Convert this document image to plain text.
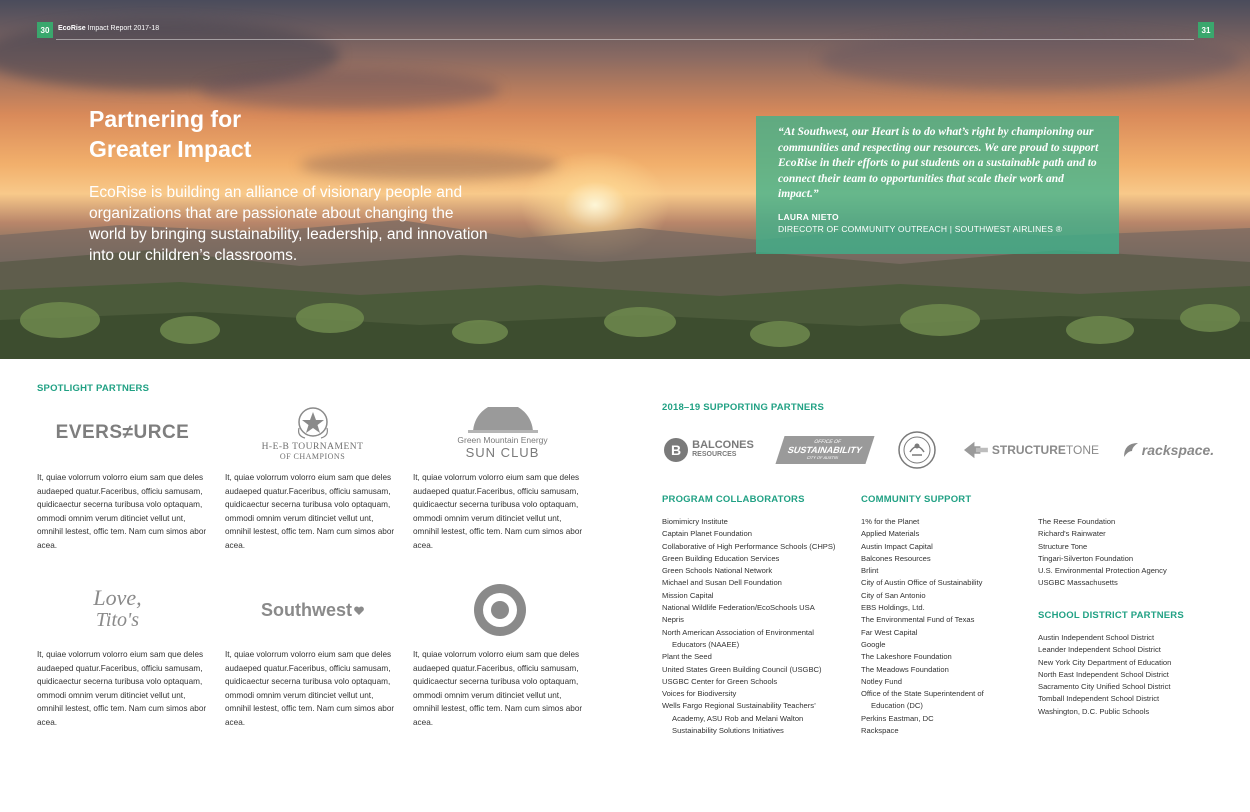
30	EcoRise Impact Report 2017-18	31
Partnering for
Greater Impact
EcoRise is building an alliance of visionary people and organizations that are passionate about changing the world by bringing sustainability, leadership, and innovation into our children’s classrooms.
“At Southwest, our Heart is to do what’s right by championing our communities and respecting our resources. We are proud to support EcoRise in their efforts to put students on a sustainable path and to connect their team to opportunities that scale their work and impact.”
LAURA NIETO
DIRECOTR OF COMMUNITY OUTREACH | SOUTHWEST AIRLINES ®
SPOTLIGHT PARTNERS
EVERS≠URCE
It, quiae volorrum volorro eium sam que deles audaeped quatur.Faceribus, officiu samusam, quidicaectur secerna turibusa volo optaquam, ommodi omnim verum ditinciet vellut unt, omnihil lestest, offic tem. Nam cum simos abor acea.
H-E-B TOURNAMENT
OF CHAMPIONS
It, quiae volorrum volorro eium sam que deles audaeped quatur.Faceribus, officiu samusam, quidicaectur secerna turibusa volo optaquam, ommodi omnim verum ditinciet vellut unt, omnihil lestest, offic tem. Nam cum simos abor acea.
Green Mountain Energy
SUN CLUB
It, quiae volorrum volorro eium sam que deles audaeped quatur.Faceribus, officiu samusam, quidicaectur secerna turibusa volo optaquam, ommodi omnim verum ditinciet vellut unt, omnihil lestest, offic tem. Nam cum simos abor acea.
Love,
Tito's
It, quiae volorrum volorro eium sam que deles audaeped quatur.Faceribus, officiu samusam, quidicaectur secerna turibusa volo optaquam, ommodi omnim verum ditinciet vellut unt, omnihil lestest, offic tem. Nam cum simos abor acea.
Southwest
It, quiae volorrum volorro eium sam que deles audaeped quatur.Faceribus, officiu samusam, quidicaectur secerna turibusa volo optaquam, ommodi omnim verum ditinciet vellut unt, omnihil lestest, offic tem. Nam cum simos abor acea.
It, quiae volorrum volorro eium sam que deles audaeped quatur.Faceribus, officiu samusam, quidicaectur secerna turibusa volo optaquam, ommodi omnim verum ditinciet vellut unt, omnihil lestest, offic tem. Nam cum simos abor acea.
2018–19 SUPPORTING PARTNERS
B BALCONES
RESOURCES
OFFICE OF
SUSTAINABILITY
CITY OF AUSTIN
STRUCTURE TONE	rackspace.
PROGRAM COLLABORATORS
Biomimicry Institute
Captain Planet Foundation
Collaborative of High Performance Schools (CHPS)
Green Building Education Services
Green Schools National Network
Michael and Susan Dell Foundation
Mission Capital
National Wildlife Federation/EcoSchools USA
Nepris
North American Association of Environmental
Educators (NAAEE)
Plant the Seed
United States Green Building Council (USGBC)
USGBC Center for Green Schools
Voices for Biodiversity
Wells Fargo Regional Sustainability Teachers’
Academy, ASU Rob and Melani Walton
Sustainability Solutions Initiatives
COMMUNITY SUPPORT
1% for the Planet
Applied Materials
Austin Impact Capital
Balcones Resources
Brlint
City of Austin Office of Sustainability
City of San Antonio
EBS Holdings, Ltd.
The Environmental Fund of Texas
Far West Capital
Google
The Lakeshore Foundation
The Meadows Foundation
Notley Fund
Office of the State Superintendent of
Education (DC)
Perkins Eastman, DC
Rackspace
The Reese Foundation
Richard's Rainwater
Structure Tone
Tingari-Silverton Foundation
U.S. Environmental Protection Agency
USGBC Massachusetts
SCHOOL DISTRICT PARTNERS
Austin Independent School District
Leander Independent School District
New York City Department of Education
North East Independent School District
Sacramento City Unified School District
Tomball Independent School District
Washington, D.C. Public Schools
